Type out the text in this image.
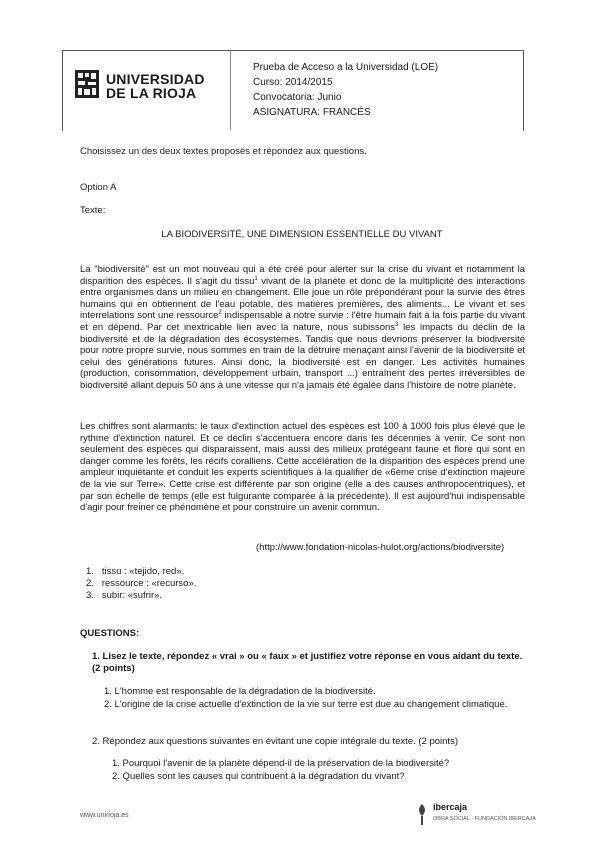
UNIVERSIDAD
DE LA RIOJA
Prueba de Acceso a la Universidad (LOE)
Curso: 2014/2015
Convocatoria: Junio
ASIGNATURA: FRANCÉS
Choisissez un des deux textes proposés et répondez aux questions.
Option A
Texte:
LA BIODIVERSITÉ, UNE DIMENSION ESSENTIELLE DU VIVANT
La "biodiversité" est un mot nouveau qui a été créé pour alerter sur la crise du vivant et notamment la disparition des espèces. Il s'agit du tissu$^1$ vivant de la planète et donc de la multiplicité des interactions entre organismes dans un milieu en changement. Elle joue un rôle prépondérant pour la survie des êtres humains qui en obtiennent de l'eau potable, des matières premières, des aliments... Le vivant et ses interrelations sont une ressource$^2$ indispensable à notre survie : l'être humain fait à la fois partie du vivant et en dépend. Par cet inextricable lien avec la nature, nous subissons$^3$ les impacts du déclin de la biodiversité et de la dégradation des écosystèmes. Tandis que nous devrions préserver la biodiversité pour notre propre survie, nous sommes en train de la détruire menaçant ainsi l'avenir de la biodiversité et celui des générations futures. Ainsi donc, la biodiversité est en danger. Les activités humaines (production, consommation, développement urbain, transport ...) entraînent des pertes irréversibles de biodiversité allant depuis 50 ans à une vitesse qui n'a jamais été égalée dans l'histoire de notre planète.
Les chiffres sont alarmants: le taux d'extinction actuel des espèces est 100 à 1000 fois plus élevé que le rythme d'extinction naturel. Et ce déclin s'accentuera encore dans les décennies à venir. Ce sont non seulement des espèces qui disparaissent, mais aussi des milieux protégeant faune et flore qui sont en danger comme les forêts, les récifs coralliens. Cette accélération de la disparition des espèces prend une ampleur inquiétante et conduit les experts scientifiques à la qualifier de «6ème crise d'extinction majeure de la vie sur Terre». Cette crise est différente par son origine (elle a des causes anthropocentriques), et par son échelle de temps (elle est fulgurante comparée à la précédente). Il est aujourd'hui indispensable d'agir pour freiner ce phénomène et pour construire un avenir commun.
(http://www.fondation-nicolas-hulot.org/actions/biodiversite)
1. tissu : «tejido, red».
2. ressource : «recurso».
3. subir: «sufrir».
QUESTIONS:
1. Lisez le texte, répondez « vrai » ou « faux » et justifiez votre réponse en vous aidant du texte. (2 points)
1. L'homme est responsable de la dégradation de la biodiversité.
2. L'origine de la crise actuelle d'extinction de la vie sur terre est due au changement climatique.
2. Répondez aux questions suivantes en évitant une copie intégrale du texte. (2 points)
1. Pourquoi l'avenir de la planète dépend-il de la préservation de la biodiversité?
2. Quelles sont les causes qui contribuent à la dégradation du vivant?
www.unirioja.es
ibercaja
OBRA SOCIAL · FUNDACIÓN IBERCAJA
